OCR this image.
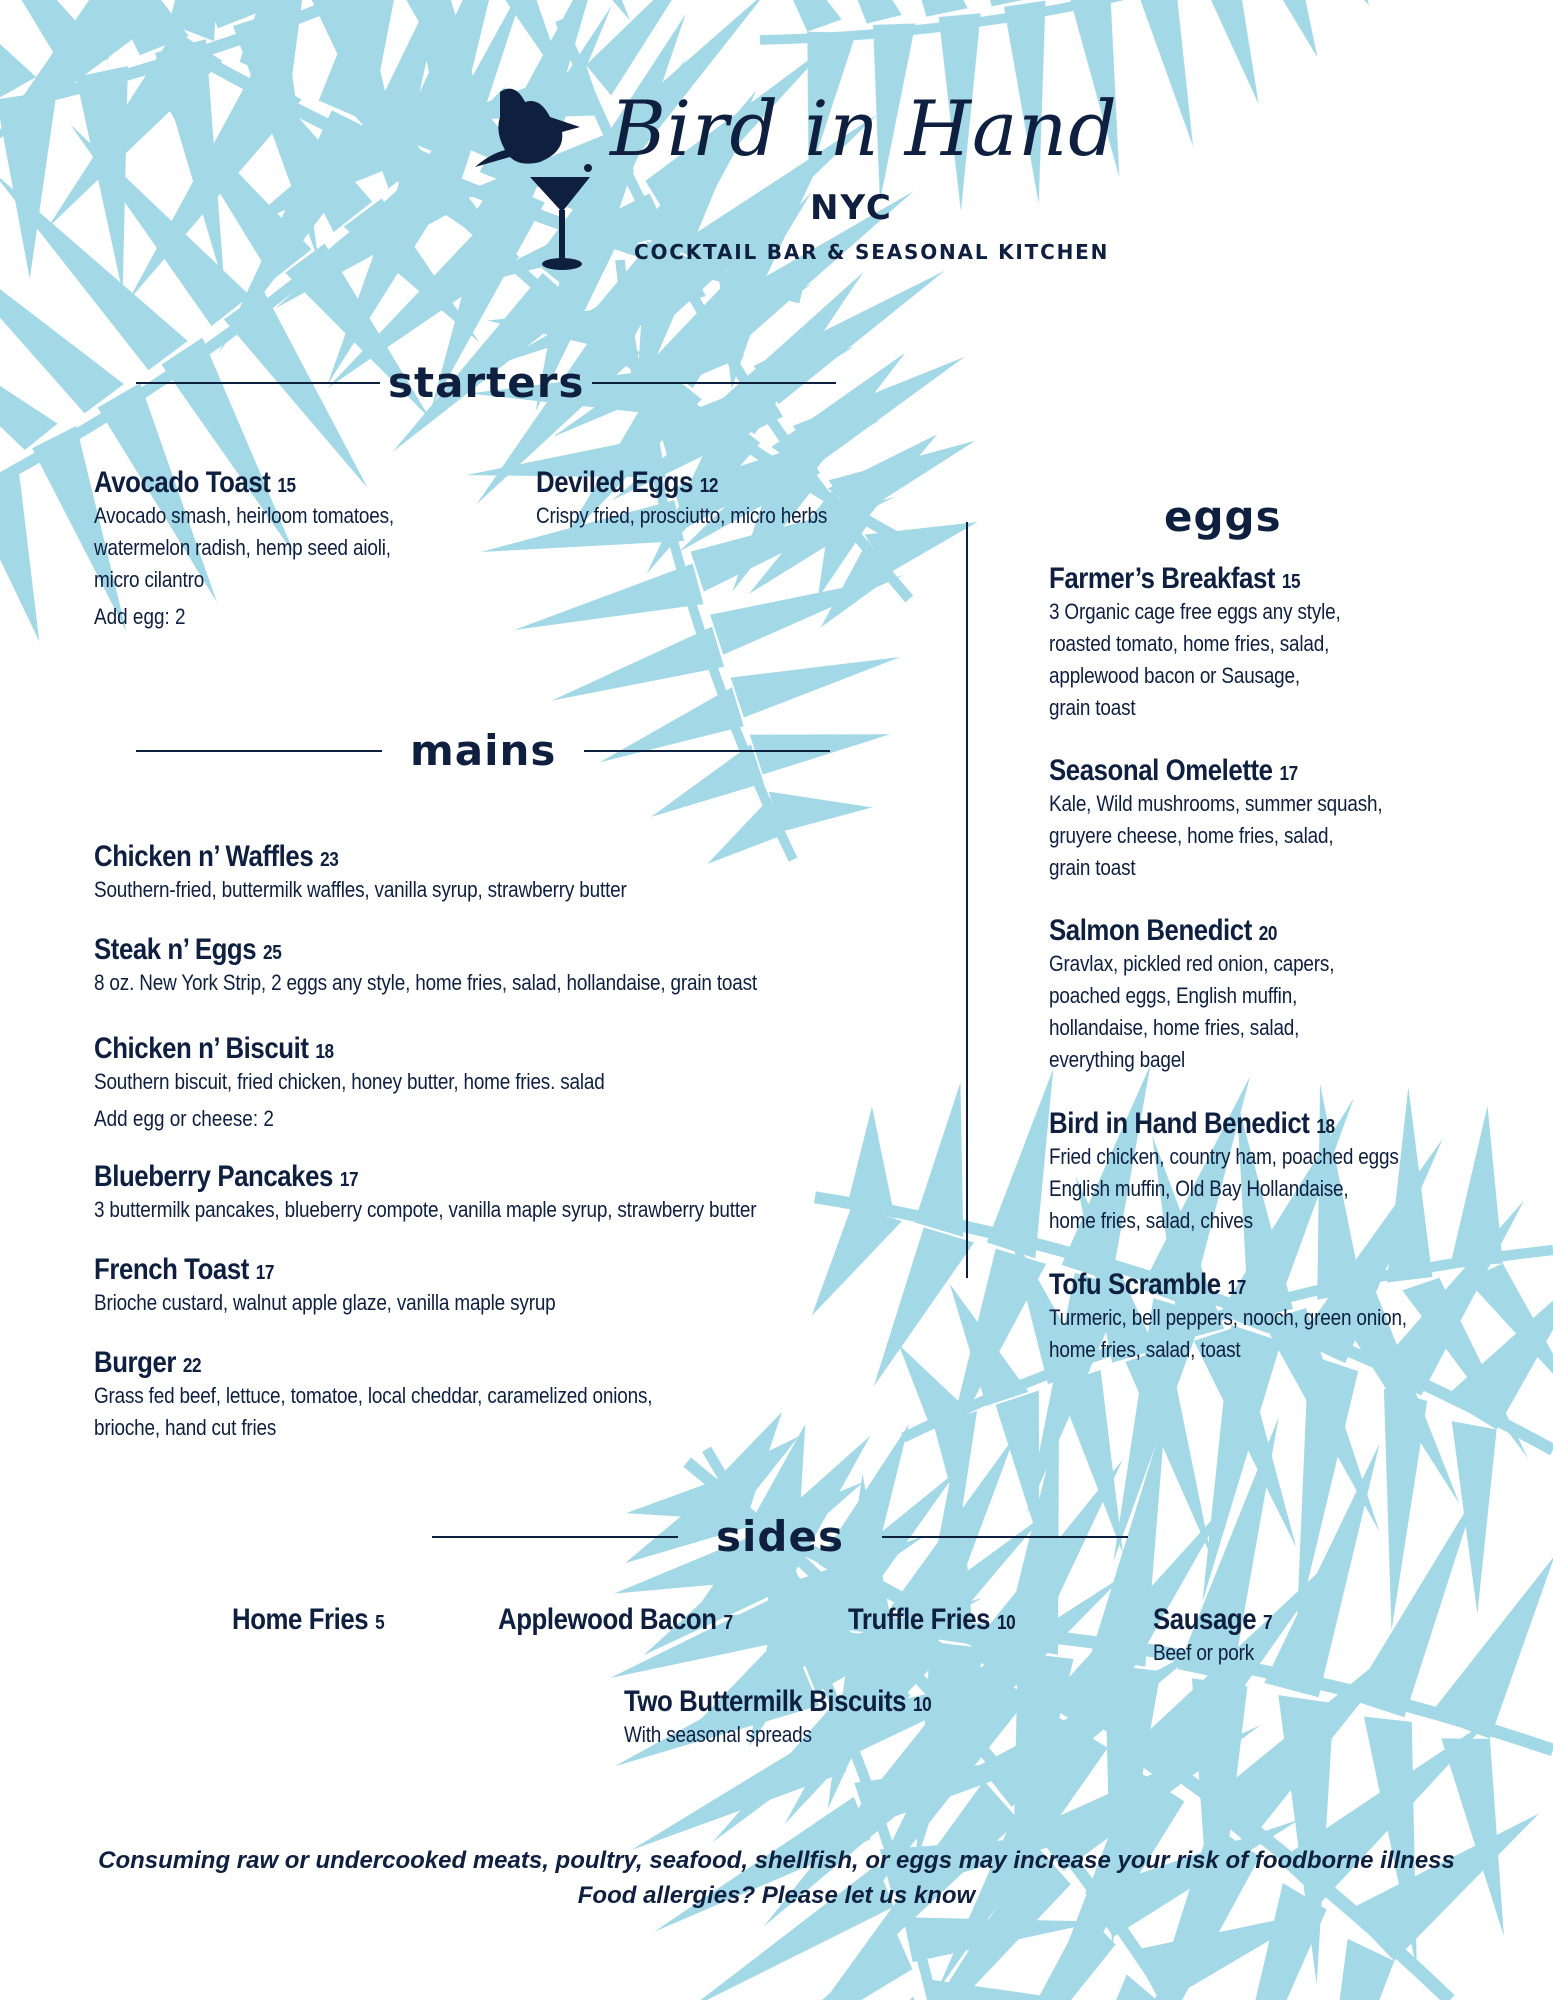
Bird in Hand
NYC
COCKTAIL BAR & SEASONAL KITCHEN
starters
Avocado Toast 15
Avocado smash, heirloom tomatoes,
watermelon radish, hemp seed aioli,
micro cilantro
Add egg: 2
Deviled Eggs 12
Crispy fried, prosciutto, micro herbs
mains
Chicken n’ Waffles 23
Southern-fried, buttermilk waffles, vanilla syrup, strawberry butter
Steak n’ Eggs 25
8 oz. New York Strip, 2 eggs any style, home fries, salad, hollandaise, grain toast
Chicken n’ Biscuit 18
Southern biscuit, fried chicken, honey butter, home fries. salad
Add egg or cheese: 2
Blueberry Pancakes 17
3 buttermilk pancakes, blueberry compote, vanilla maple syrup, strawberry butter
French Toast 17
Brioche custard, walnut apple glaze, vanilla maple syrup
Burger 22
Grass fed beef, lettuce, tomatoe, local cheddar, caramelized onions,
brioche, hand cut fries
eggs
Farmer’s Breakfast 15
3 Organic cage free eggs any style,
roasted tomato, home fries, salad,
applewood bacon or Sausage,
grain toast
Seasonal Omelette 17
Kale, Wild mushrooms, summer squash,
gruyere cheese, home fries, salad,
grain toast
Salmon Benedict 20
Gravlax, pickled red onion, capers,
poached eggs, English muffin,
hollandaise, home fries, salad,
everything bagel
Bird in Hand Benedict 18
Fried chicken, country ham, poached eggs
English muffin, Old Bay Hollandaise,
home fries, salad, chives
Tofu Scramble 17
Turmeric, bell peppers, nooch, green onion,
home fries, salad, toast
sides
Home Fries 5	Applewood Bacon 7	Truffle Fries 10	Sausage 7
Beef or pork
Two Buttermilk Biscuits 10
With seasonal spreads
Consuming raw or undercooked meats, poultry, seafood, shellfish, or eggs may increase your risk of foodborne illness
Food allergies? Please let us know
